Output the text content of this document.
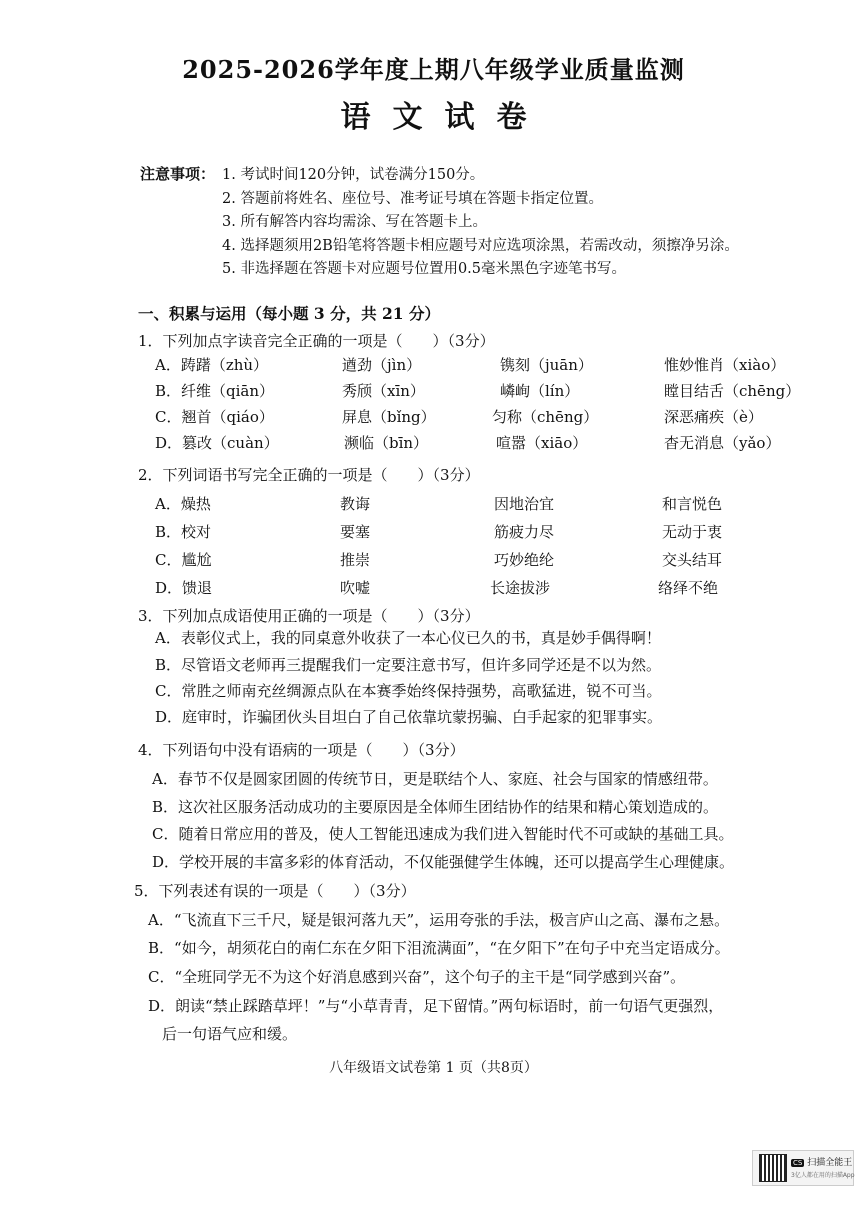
2025-2026学年度上期八年级学业质量监测
语文试卷
注意事项： 1. 考试时间120分钟，试卷满分150分。
2. 答题前将姓名、座位号、准考证号填在答题卡指定位置。
3. 所有解答内容均需涂、写在答题卡上。
4. 选择题须用2B铅笔将答题卡相应题号对应选项涂黑，若需改动，须擦净另涂。
5. 非选择题在答题卡对应题号位置用0.5毫米黑色字迹笔书写。
一、积累与运用（每小题 3 分，共 21 分）
1．下列加点字读音完全正确的一项是（　　）（3分）
A．踌躇（zhù）	遒劲（jìn）	镌刻（juān）	惟妙惟肖（xiào）
B．纤维（qiān）	秀颀（xīn）	嶙峋（lín）	瞠目结舌（chēng）
C．翘首（qiáo）	屏息（bǐng）	匀称（chēng）	深恶痛疾（è）
D．篡改（cuàn）	濒临（bīn）	喧嚣（xiāo）	杳无消息（yǎo）
2．下列词语书写完全正确的一项是（　　）（3分）
A．燥热	教诲	因地治宜	和言悦色
B．校对	要塞	筋疲力尽	无动于衷
C．尴尬	推崇	巧妙绝纶	交头结耳
D．馈退	吹嘘	长途拔涉	络绎不绝
3．下列加点成语使用正确的一项是（　　）（3分）
A．表彰仪式上，我的同桌意外收获了一本心仪已久的书，真是妙手偶得啊！
B．尽管语文老师再三提醒我们一定要注意书写，但许多同学还是不以为然。
C．常胜之师南充丝绸源点队在本赛季始终保持强势，高歌猛进，锐不可当。
D．庭审时，诈骗团伙头目坦白了自己依靠坑蒙拐骗、白手起家的犯罪事实。
4．下列语句中没有语病的一项是（　　）（3分）
A．春节不仅是圆家团圆的传统节日，更是联结个人、家庭、社会与国家的情感纽带。
B．这次社区服务活动成功的主要原因是全体师生团结协作的结果和精心策划造成的。
C．随着日常应用的普及，使人工智能迅速成为我们进入智能时代不可或缺的基础工具。
D．学校开展的丰富多彩的体育活动，不仅能强健学生体魄，还可以提高学生心理健康。
5．下列表述有误的一项是（　　）（3分）
A．“飞流直下三千尺，疑是银河落九天”，运用夸张的手法，极言庐山之高、瀑布之悬。
B．“如今，胡须花白的南仁东在夕阳下泪流满面”，“在夕阳下”在句子中充当定语成分。
C．“全班同学无不为这个好消息感到兴奋”，这个句子的主干是“同学感到兴奋”。
D．朗读“禁止踩踏草坪！”与“小草青青，足下留情。”两句标语时，前一句语气更强烈，
后一句语气应和缓。
八年级语文试卷第 1 页（共8页）
CS 扫描全能王
3亿人都在用的扫描App
